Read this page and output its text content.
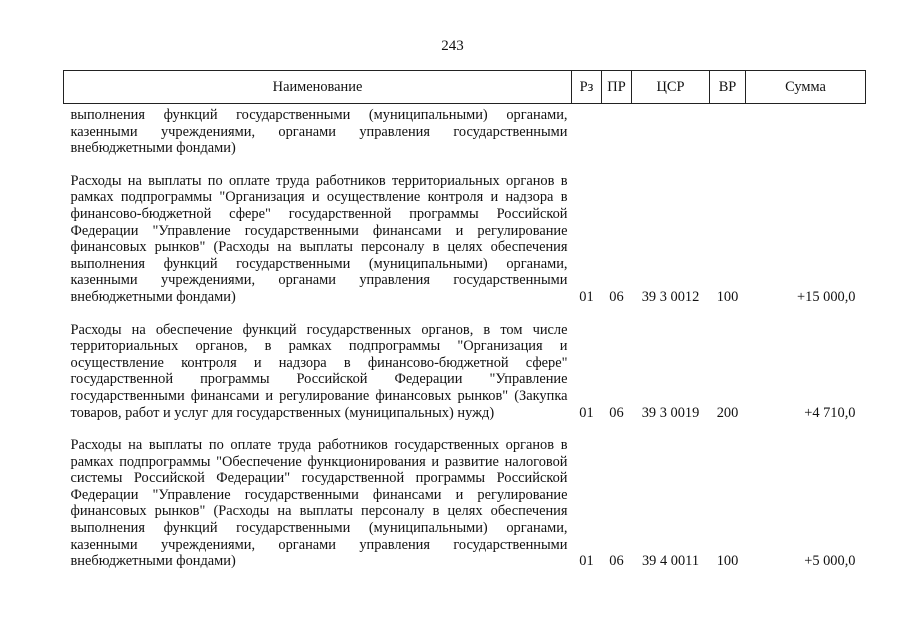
243
Наименование	Рз	ПР	ЦСР	ВР	Сумма
выполнения функций государственными (муниципальными) органами, казенными учреждениями, органами управления государственными внебюджетными фондами)					

Расходы на выплаты по оплате труда работников территориальных органов в рамках подпрограммы "Организация и осуществление контроля и надзора в финансово-бюджетной сфере" государственной программы Российской Федерации "Управление государственными финансами и регулирование финансовых рынков" (Расходы на выплаты персоналу в целях обеспечения выполнения функций государственными (муниципальными) органами, казенными учреждениями, органами управления государственными внебюджетными фондами)	01	06	39 3 0012	100	+15 000,0

Расходы на обеспечение функций государственных органов, в том числе территориальных органов, в рамках подпрограммы "Организация и осуществление контроля и надзора в финансово-бюджетной сфере" государственной программы Российской Федерации "Управление государственными финансами и регулирование финансовых рынков" (Закупка товаров, работ и услуг для государственных (муниципальных) нужд)	01	06	39 3 0019	200	+4 710,0

Расходы на выплаты по оплате труда работников государственных органов в рамках подпрограммы "Обеспечение функционирования и развитие налоговой системы Российской Федерации" государственной программы Российской Федерации "Управление государственными финансами и регулирование финансовых рынков" (Расходы на выплаты персоналу в целях обеспечения выполнения функций государственными (муниципальными) органами, казенными учреждениями, органами управления государственными внебюджетными фондами)	01	06	39 4 0011	100	+5 000,0
